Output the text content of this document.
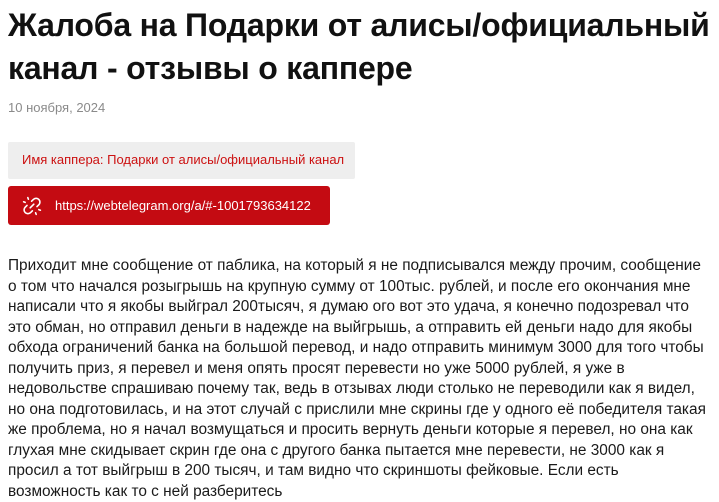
Жалоба на Подарки от алисы/официальный канал - отзывы о каппере
10 ноября, 2024
Имя каппера: Подарки от алисы/официальный канал
https://webtelegram.org/a/#-1001793634122
Приходит мне сообщение от паблика, на который я не подписывался между прочим, сообщение о том что начался розыгрышь на крупную сумму от 100тыс. рублей, и после его окончания мне написали что я якобы выйграл 200тысяч, я думаю ого вот это удача, я конечно подозревал что это обман, но отправил деньги в надежде на выйгрышь, а отправить ей деньги надо для якобы обхода ограничений банка на большой перевод, и надо отправить минимум 3000 для того чтобы получить приз, я перевел и меня опять просят перевести но уже 5000 рублей, я уже в недовольстве спрашиваю почему так, ведь в отзывах люди столько не переводили как я видел, но она подготовилась, и на этот случай с прислили мне скрины где у одного её победителя такая же проблема, но я начал возмущаться и просить вернуть деньги которые я перевел, но она как глухая мне скидывает скрин где она с другого банка пытается мне перевести, не 3000 как я просил а тот выйгрыш в 200 тысяч, и там видно что скриншоты фейковые. Если есть возможность как то с ней разберитесь
